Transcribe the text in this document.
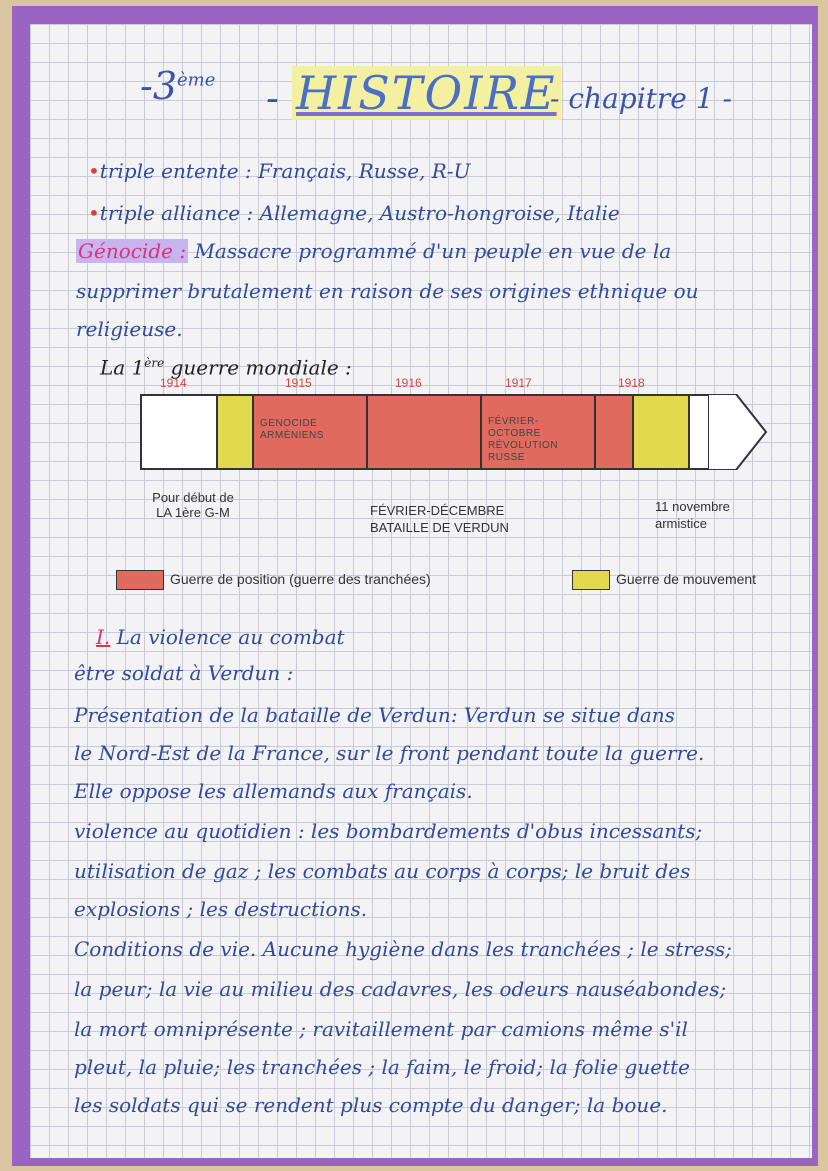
-3ème - HISTOIRE
- chapitre 1 -
•triple entente : Français, Russe, R-U
•triple alliance : Allemagne, Austro-hongroise, Italie
Génocide : Massacre programmé d'un peuple en vue de la
supprimer brutalement en raison de ses origines ethnique ou
religieuse.
La 1ère guerre mondiale :
1914	1915	1916	1917	1918
GENOCIDE ARMÉNIENS
FÉVRIER-OCTOBRE RÉVOLUTION RUSSE
Pour début de LA 1ère G-M	FÉVRIER-DÉCEMBRE BATAILLE DE VERDUN
11 novembre armistice
Guerre de position (guerre des tranchées)	Guerre de mouvement
I. La violence au combat
être soldat à Verdun :
Présentation de la bataille de Verdun: Verdun se situe dans
le Nord-Est de la France, sur le front pendant toute la guerre.
Elle oppose les allemands aux français.
violence au quotidien : les bombardements d'obus incessants;
utilisation de gaz ; les combats au corps à corps; le bruit des
explosions ; les destructions.
Conditions de vie. Aucune hygiène dans les tranchées ; le stress;
la peur; la vie au milieu des cadavres, les odeurs nauséabondes;
la mort omniprésente ; ravitaillement par camions même s'il
pleut, la pluie; les tranchées ; la faim, le froid; la folie guette
les soldats qui se rendent plus compte du danger; la boue.
